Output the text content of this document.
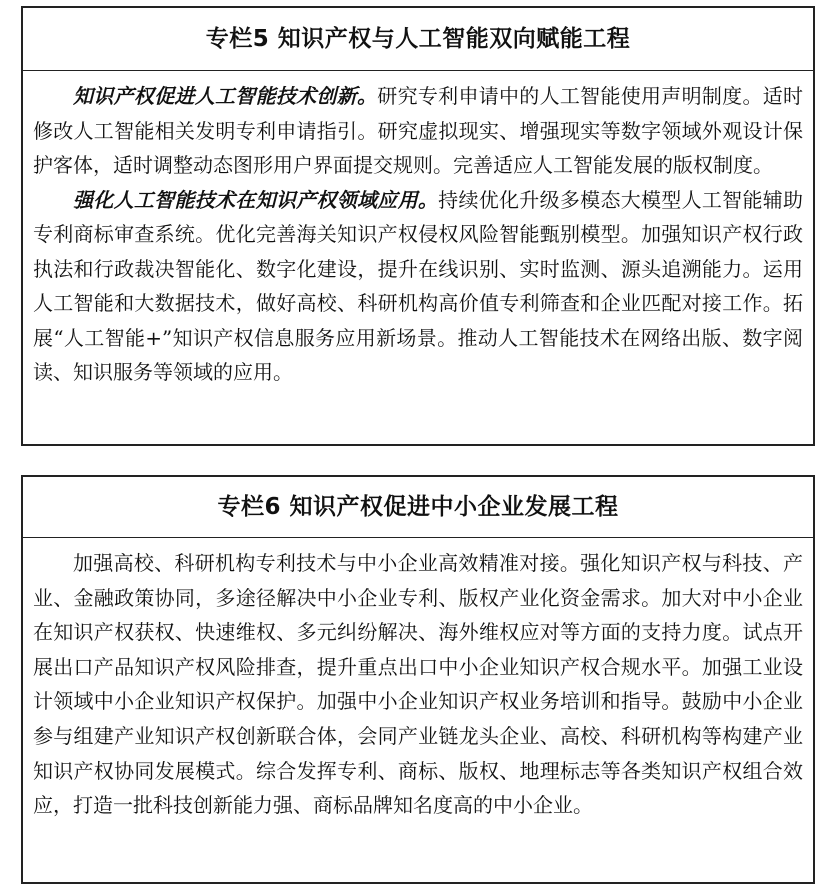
专栏5 知识产权与人工智能双向赋能工程

知识产权促进人工智能技术创新。研究专利申请中的人工智能使用声明制度。适时修改人工智能相关发明专利申请指引。研究虚拟现实、增强现实等数字领域外观设计保护客体，适时调整动态图形用户界面提交规则。完善适应人工智能发展的版权制度。

强化人工智能技术在知识产权领域应用。持续优化升级多模态大模型人工智能辅助专利商标审查系统。优化完善海关知识产权侵权风险智能甄别模型。加强知识产权行政执法和行政裁决智能化、数字化建设，提升在线识别、实时监测、源头追溯能力。运用人工智能和大数据技术，做好高校、科研机构高价值专利筛查和企业匹配对接工作。拓展“人工智能+”知识产权信息服务应用新场景。推动人工智能技术在网络出版、数字阅读、知识服务等领域的应用。

专栏6 知识产权促进中小企业发展工程

加强高校、科研机构专利技术与中小企业高效精准对接。强化知识产权与科技、产业、金融政策协同，多途径解决中小企业专利、版权产业化资金需求。加大对中小企业在知识产权获权、快速维权、多元纠纷解决、海外维权应对等方面的支持力度。试点开展出口产品知识产权风险排查，提升重点出口中小企业知识产权合规水平。加强工业设计领域中小企业知识产权保护。加强中小企业知识产权业务培训和指导。鼓励中小企业参与组建产业知识产权创新联合体，会同产业链龙头企业、高校、科研机构等构建产业知识产权协同发展模式。综合发挥专利、商标、版权、地理标志等各类知识产权组合效应，打造一批科技创新能力强、商标品牌知名度高的中小企业。
